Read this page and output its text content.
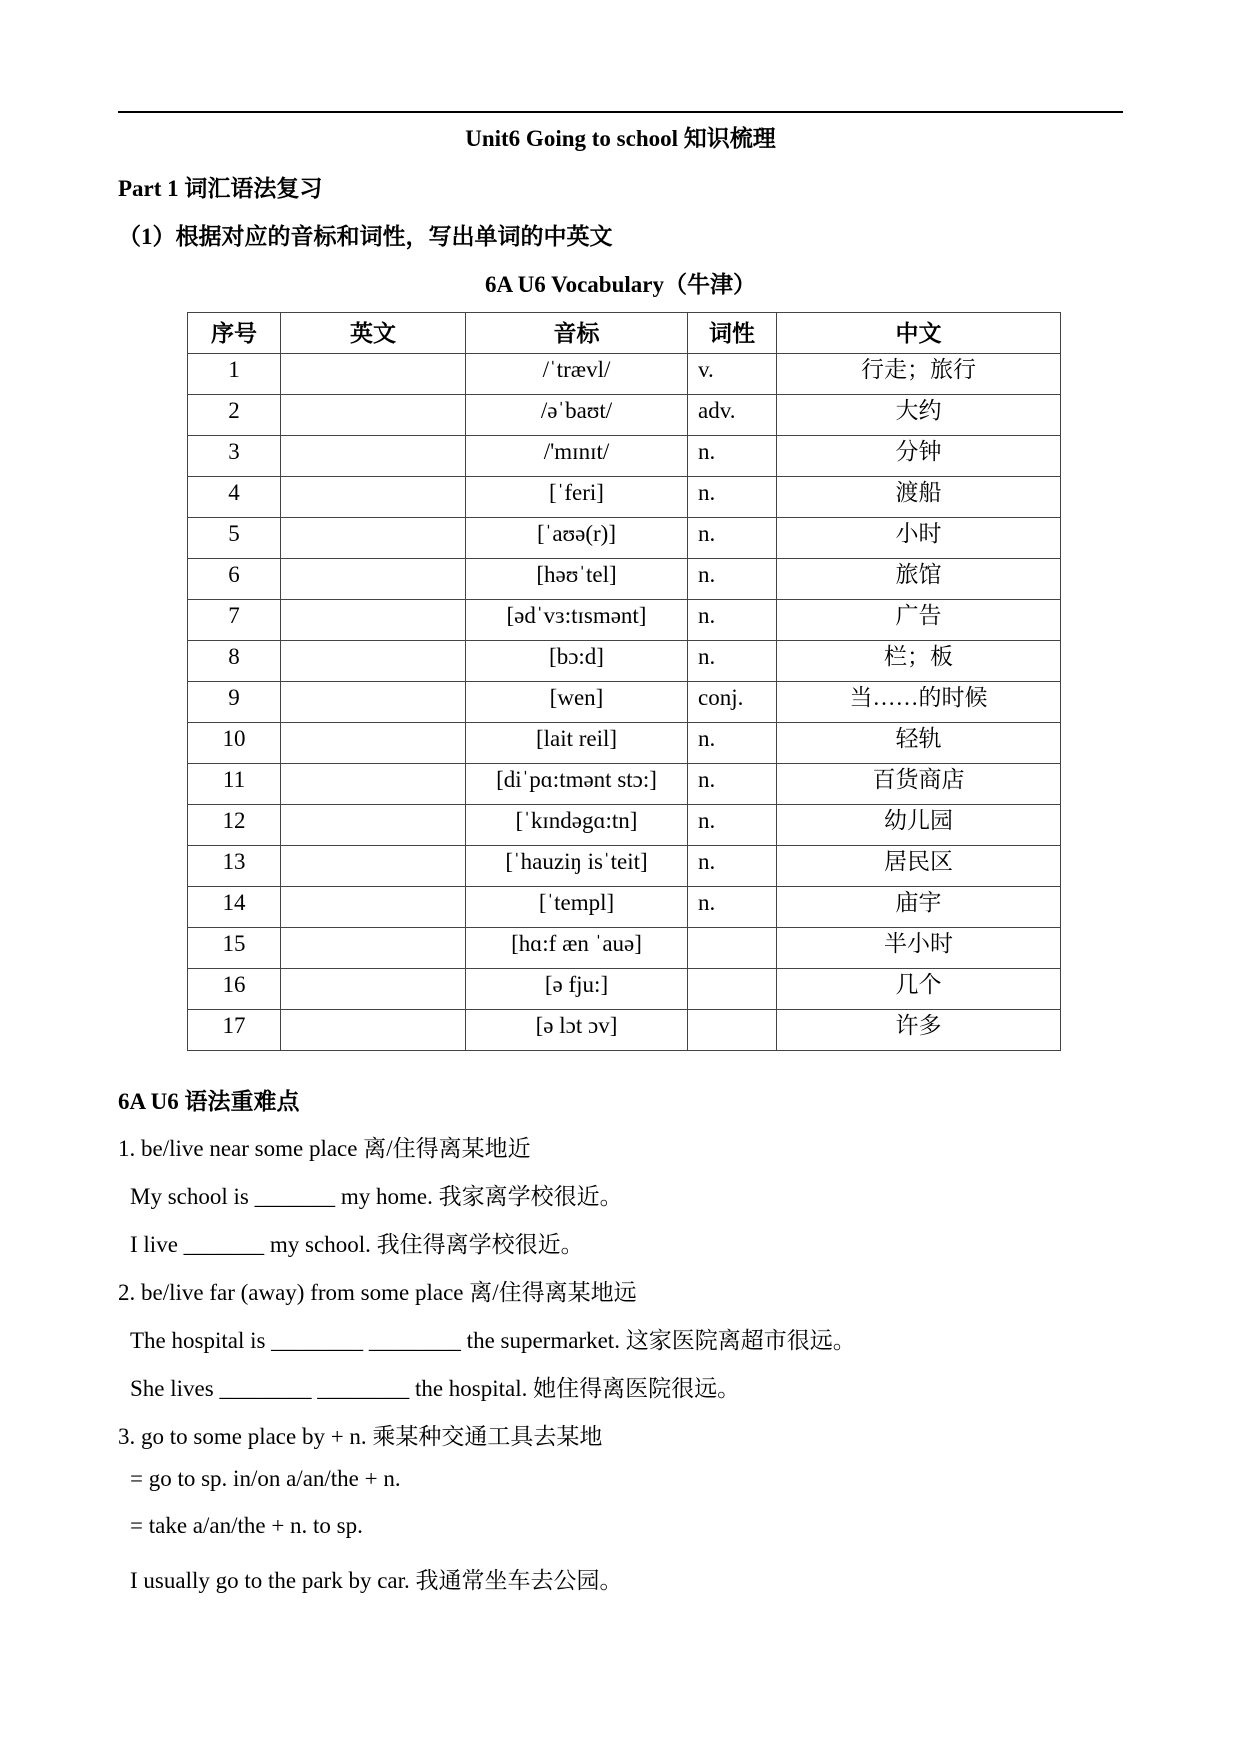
Unit6 Going to school 知识梳理
Part 1 词汇语法复习
（1）根据对应的音标和词性，写出单词的中英文
6A U6 Vocabulary（牛津）
序号	英文	音标	词性	中文
1		/ˈtrævl/	v.	行走；旅行
2		/əˈbaʊt/	adv.	大约
3		/'mɪnɪt/	n.	分钟
4		[ˈferi]	n.	渡船
5		[ˈaʊə(r)]	n.	小时
6		[həʊˈtel]	n.	旅馆
7		[ədˈvɜ:tɪsmənt]	n.	广告
8		[bɔ:d]	n.	栏；板
9		[wen]	conj.	当……的时候
10		[lait reil]	n.	轻轨
11		[diˈpɑ:tmənt stɔ:]	n.	百货商店
12		[ˈkɪndəgɑ:tn]	n.	幼儿园
13		[ˈhauziŋ isˈteit]	n.	居民区
14		[ˈtempl]	n.	庙宇
15		[hɑ:f æn ˈauə]		半小时
16		[ə fju:]		几个
17		[ə lɔt ɔv]		许多
6A U6 语法重难点
1. be/live near some place 离/住得离某地近
My school is _______ my home. 我家离学校很近。
I live _______ my school. 我住得离学校很近。
2. be/live far (away) from some place 离/住得离某地远
The hospital is ________ ________ the supermarket. 这家医院离超市很远。
She lives ________ ________ the hospital. 她住得离医院很远。
3. go to some place by + n. 乘某种交通工具去某地
= go to sp. in/on a/an/the + n.
= take a/an/the + n. to sp.
I usually go to the park by car. 我通常坐车去公园。
